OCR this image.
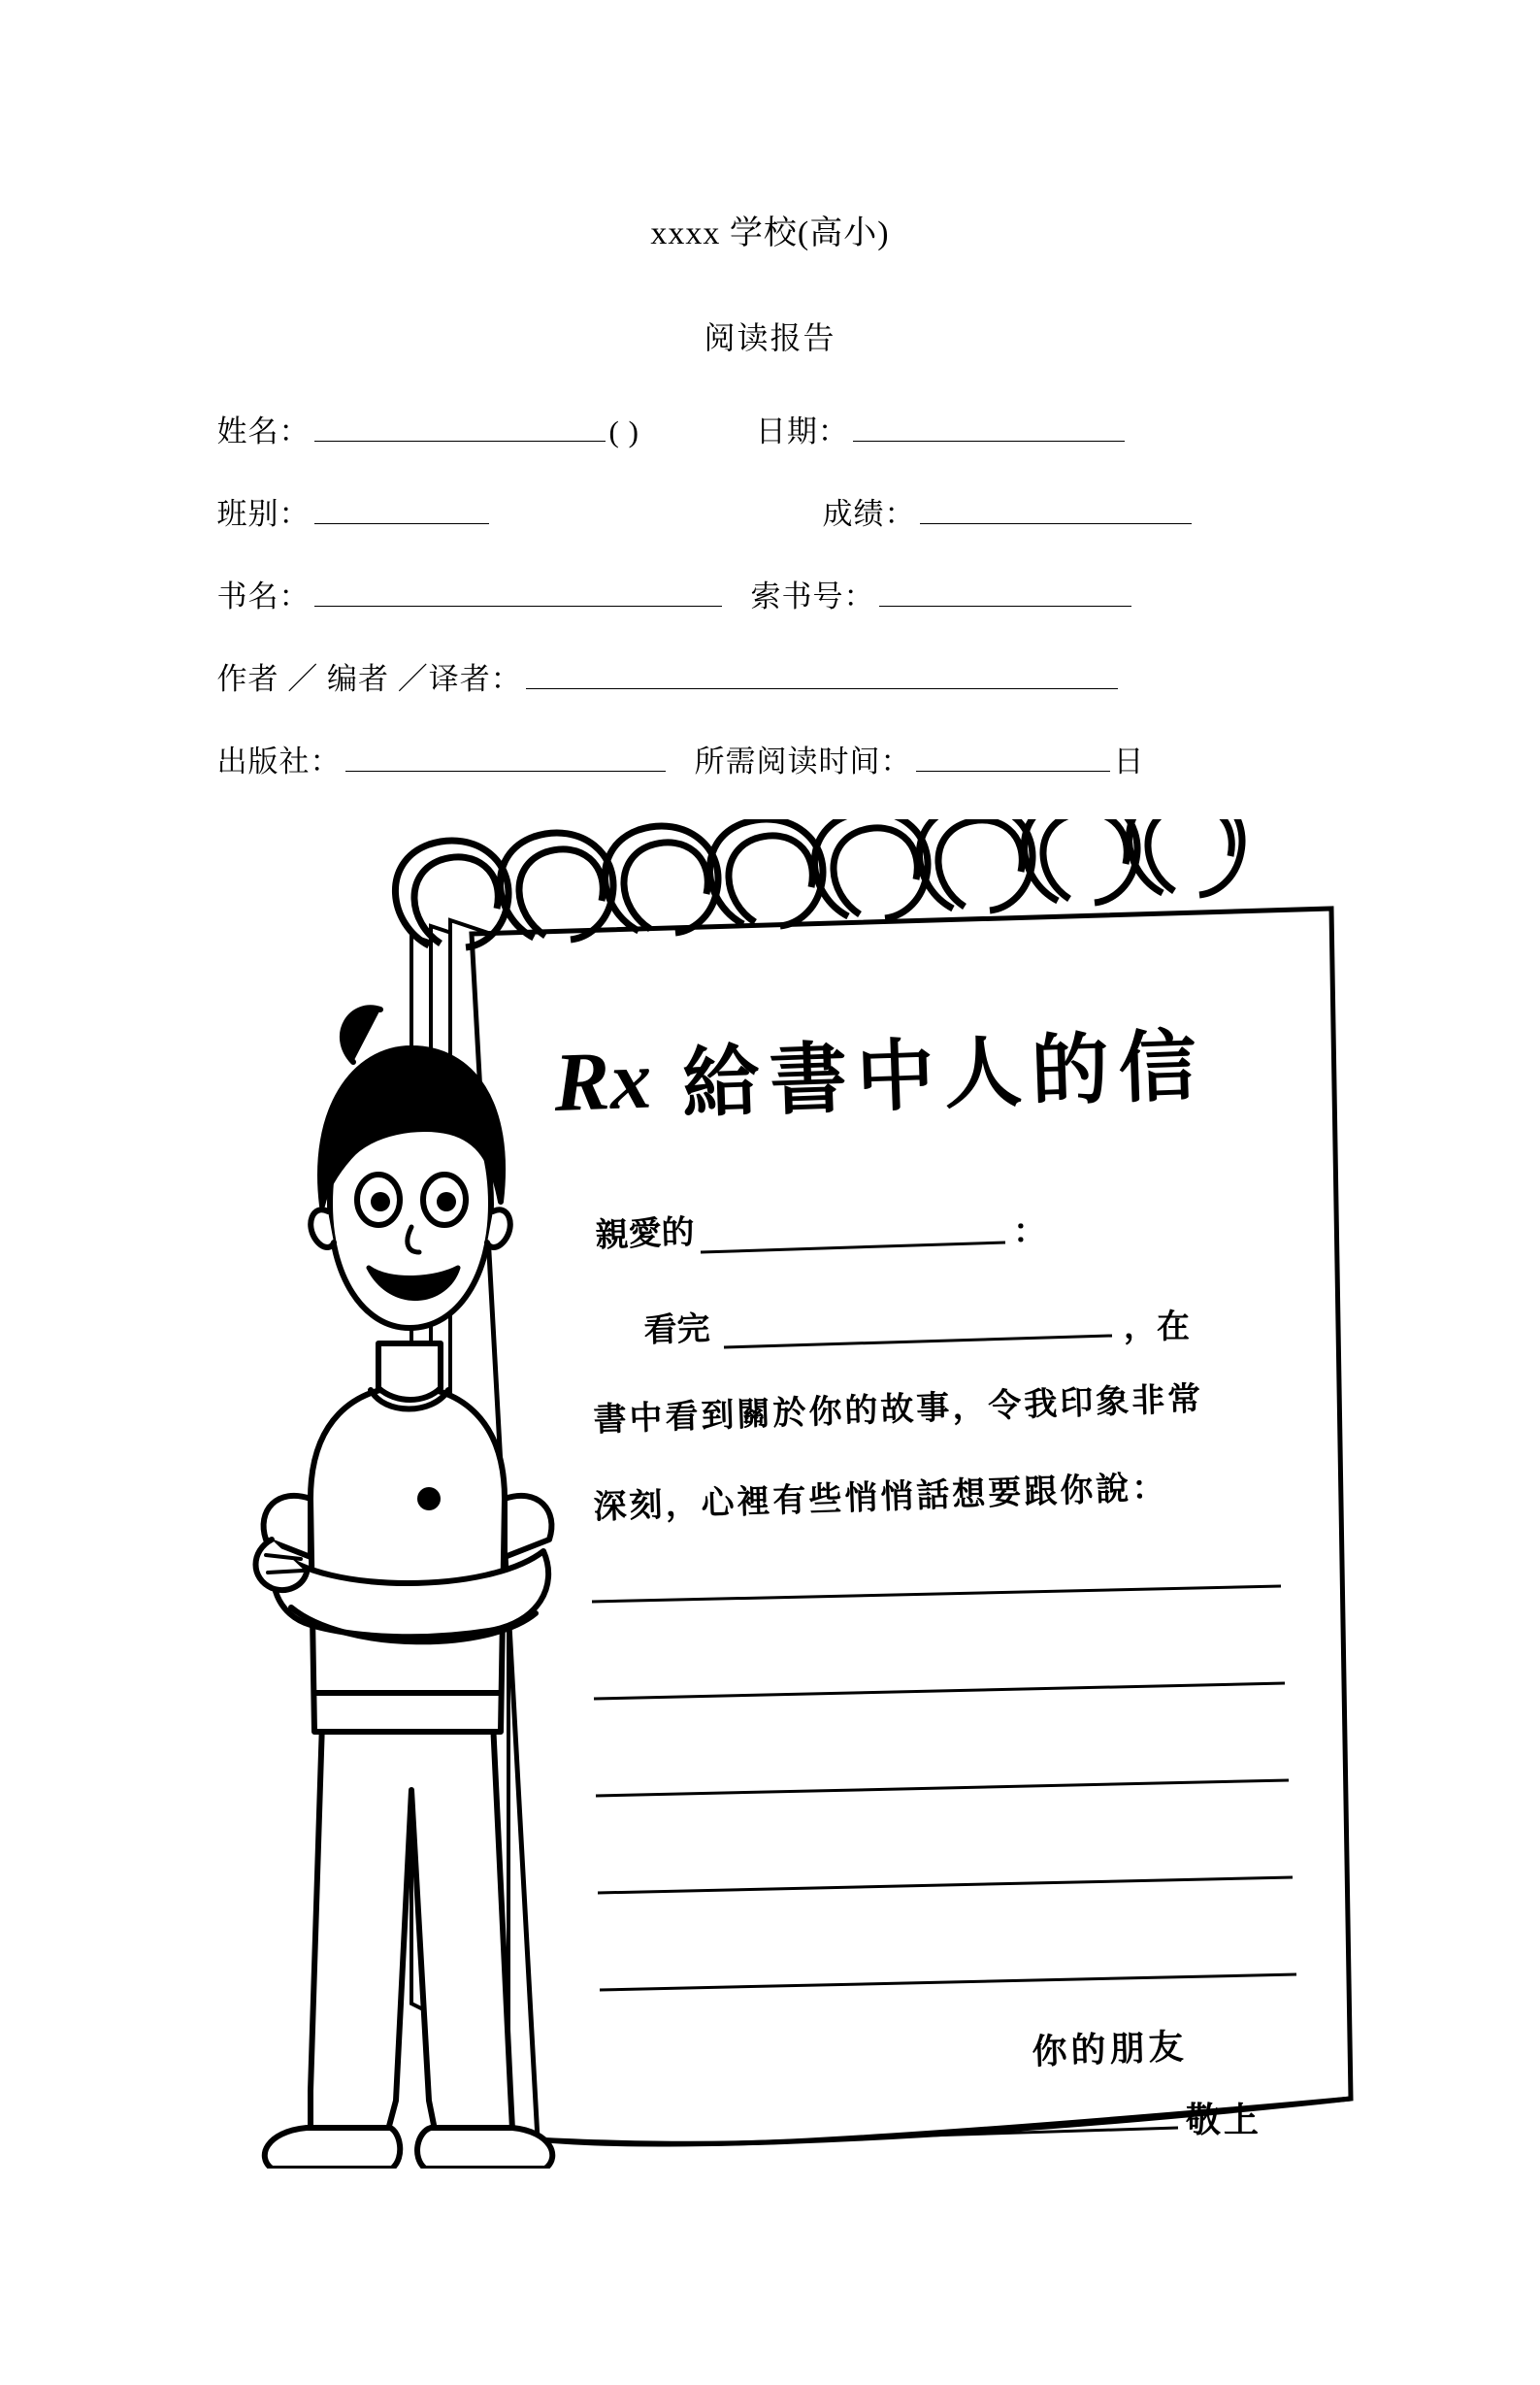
xxxx 学校(高小)
阅读报告
姓名：	( )	日期：
班别：	成绩：
书名：	索书号：
作者 ／ 编者 ／译者：
出版社：	所需阅读时间：	日
Rx 給書中人的信
親愛的	：
看完	，在
書中看到關於你的故事，令我印象非常
深刻，心裡有些悄悄話想要跟你說：
你的朋友
敬上
